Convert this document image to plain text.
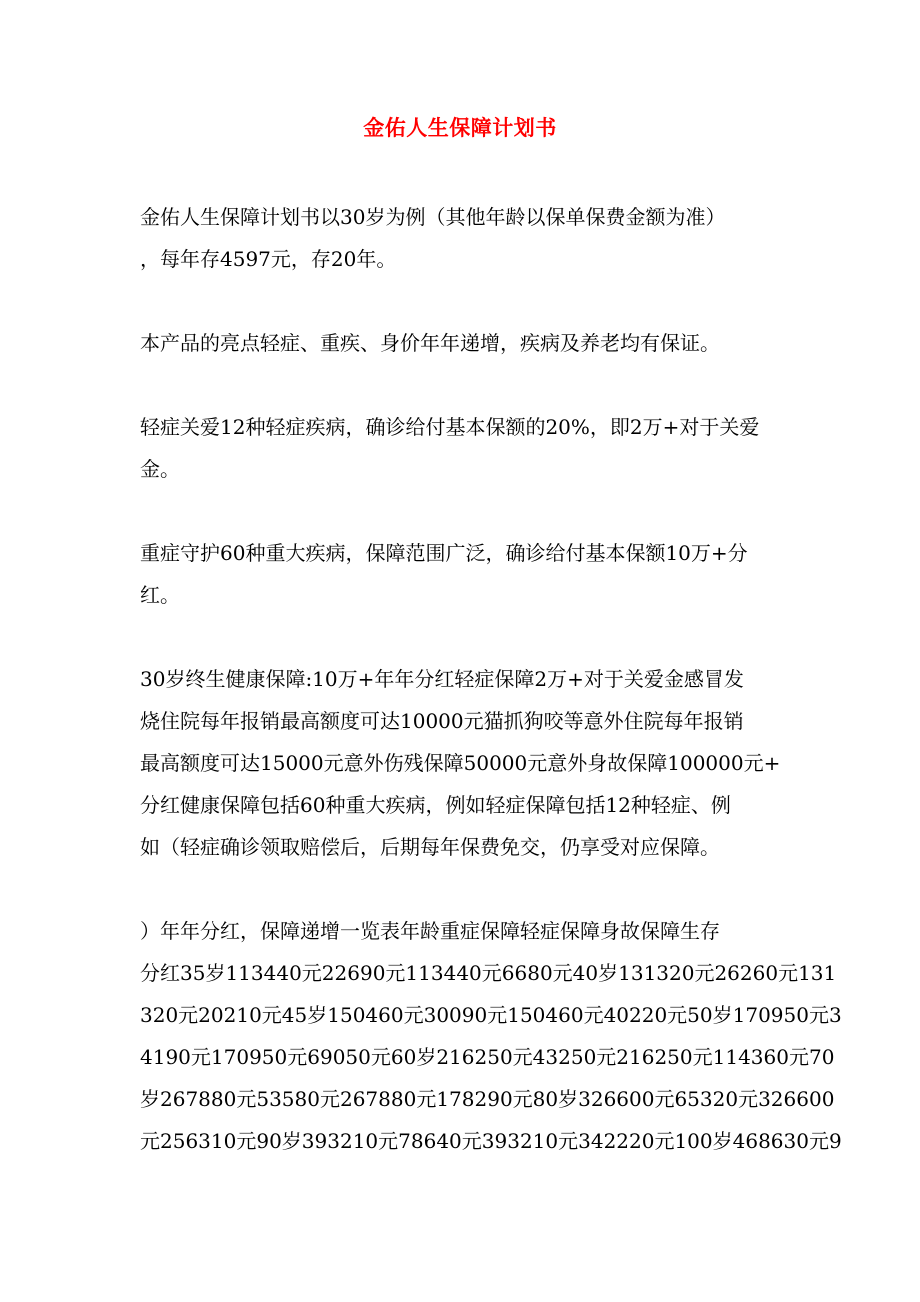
金佑人生保障计划书
金佑人生保障计划书以30岁为例（其他年龄以保单保费金额为准）
，每年存4597元，存20年。
本产品的亮点轻症、重疾、身价年年递增，疾病及养老均有保证。
轻症关爱12种轻症疾病，确诊给付基本保额的20%，即2万+对于关爱
金。
重症守护60种重大疾病，保障范围广泛，确诊给付基本保额10万+分
红。
30岁终生健康保障:10万+年年分红轻症保障2万+对于关爱金感冒发
烧住院每年报销最高额度可达10000元猫抓狗咬等意外住院每年报销
最高额度可达15000元意外伤残保障50000元意外身故保障100000元+
分红健康保障包括60种重大疾病，例如轻症保障包括12种轻症、例
如（轻症确诊领取赔偿后，后期每年保费免交，仍享受对应保障。
）年年分红，保障递增一览表年龄重症保障轻症保障身故保障生存
分红35岁113440元22690元113440元6680元40岁131320元26260元131
320元20210元45岁150460元30090元150460元40220元50岁170950元3
4190元170950元69050元60岁216250元43250元216250元114360元70
岁267880元53580元267880元178290元80岁326600元65320元326600
元256310元90岁393210元78640元393210元342220元100岁468630元9
